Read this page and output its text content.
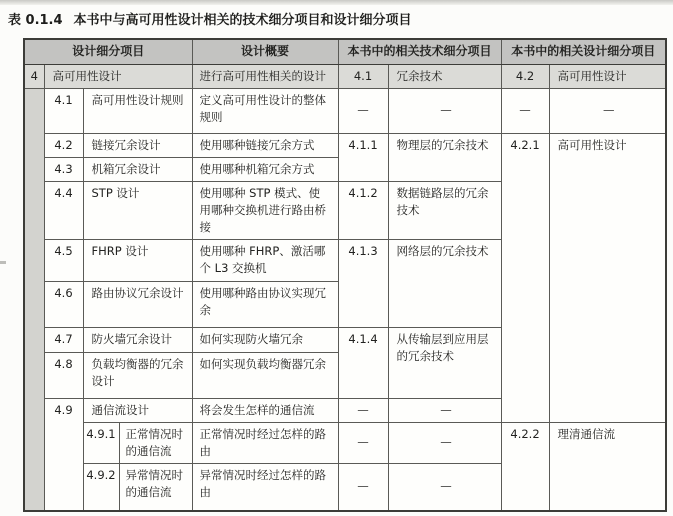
表 0.1.4 本书中与高可用性设计相关的技术细分项目和设计细分项目
设计细分项目				设计概要	本书中的相关技术细分项目		本书中的相关设计细分项目	
4	高可用性设计			进行高可用性相关的设计	4.1	冗余技术	4.2	高可用性设计
	4.1	高可用性设计规则		定义高可用性设计的整体规则	—	—	—	—
	4.2	链接冗余设计		使用哪种链接冗余方式	4.1.1	物理层的冗余技术	4.2.1	高可用性设计
	4.3	机箱冗余设计		使用哪种机箱冗余方式				
	4.4	STP 设计		使用哪种 STP 模式、使用哪种交换机进行路由桥接	4.1.2	数据链路层的冗余技术		
	4.5	FHRP 设计		使用哪种 FHRP、激活哪个 L3 交换机	4.1.3	网络层的冗余技术		
	4.6	路由协议冗余设计		使用哪种路由协议实现冗余				
	4.7	防火墙冗余设计		如何实现防火墙冗余	4.1.4	从传输层到应用层的冗余技术		
	4.8	负载均衡器的冗余设计		如何实现负载均衡器冗余				
	4.9	通信流设计		将会发生怎样的通信流	—	—		
		4.9.1	正常情况时的通信流	正常情况时经过怎样的路由	—	—	4.2.2	理清通信流
		4.9.2	异常情况时的通信流	异常情况时经过怎样的路由	—	—		
